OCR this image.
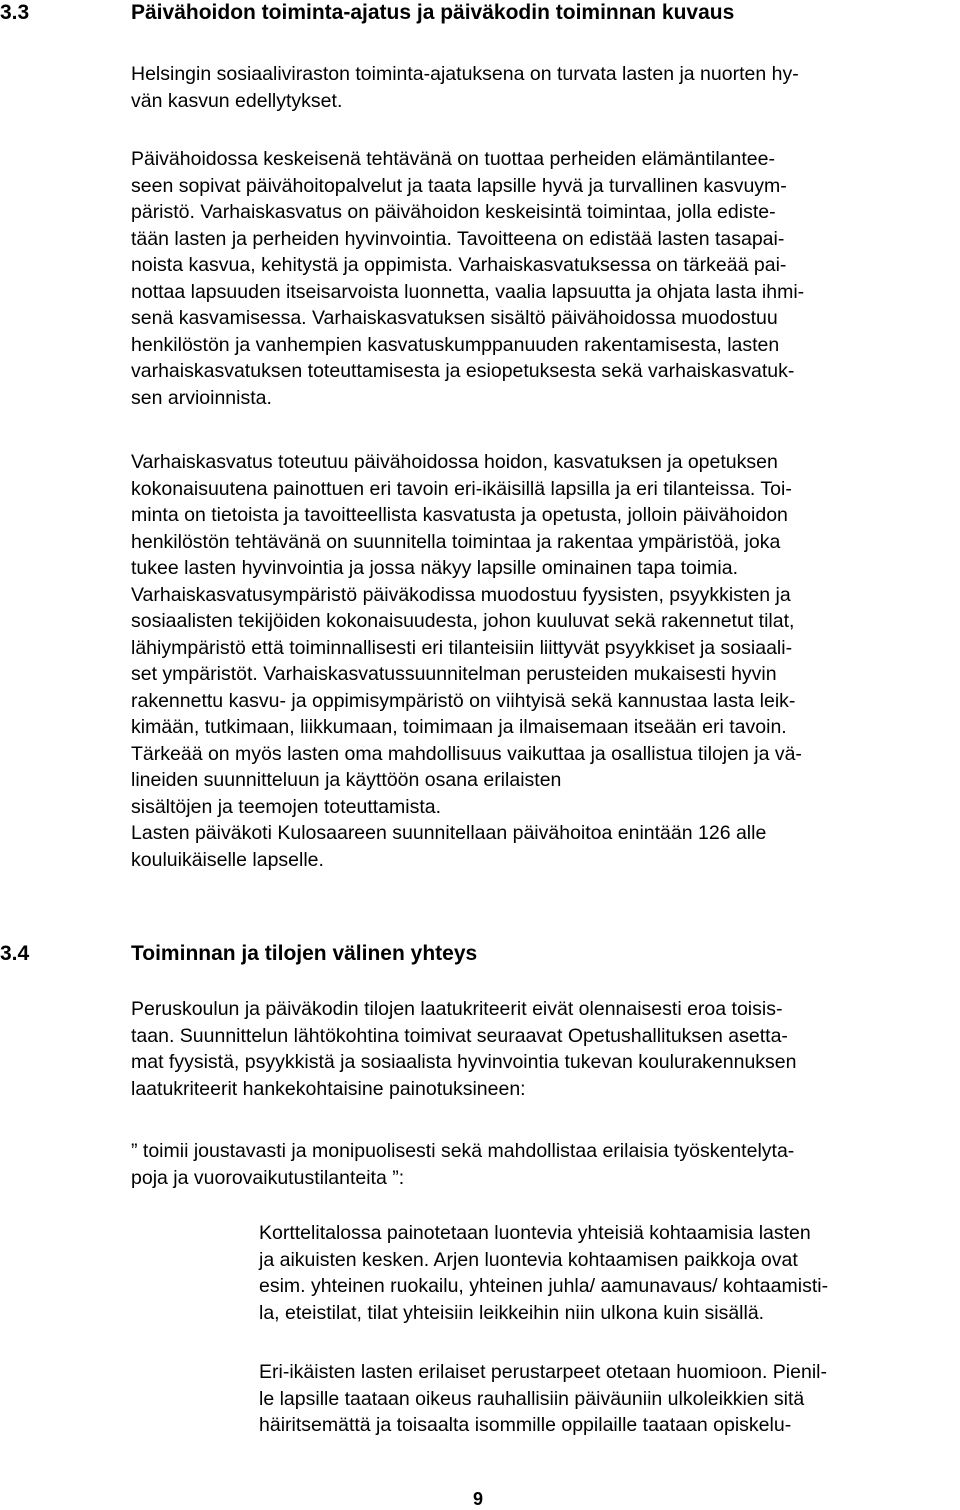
3.3	Päivähoidon toiminta-ajatus ja päiväkodin toiminnan kuvaus
Helsingin sosiaaliviraston toiminta-ajatuksena on turvata lasten ja nuorten hy-
vän kasvun edellytykset.
Päivähoidossa keskeisenä tehtävänä on tuottaa perheiden elämäntilantee-
seen sopivat päivähoitopalvelut ja taata lapsille hyvä ja turvallinen kasvuym-
päristö. Varhaiskasvatus on päivähoidon keskeisintä toimintaa, jolla ediste-
tään lasten ja perheiden hyvinvointia. Tavoitteena on edistää lasten tasapai-
noista kasvua, kehitystä ja oppimista. Varhaiskasvatuksessa on tärkeää pai-
nottaa lapsuuden itseisarvoista luonnetta, vaalia lapsuutta ja ohjata lasta ihmi-
senä kasvamisessa. Varhaiskasvatuksen sisältö päivähoidossa muodostuu
henkilöstön ja vanhempien kasvatuskumppanuuden rakentamisesta, lasten
varhaiskasvatuksen toteuttamisesta ja esiopetuksesta sekä varhaiskasvatuk-
sen arvioinnista.
Varhaiskasvatus toteutuu päivähoidossa hoidon, kasvatuksen ja opetuksen
kokonaisuutena painottuen eri tavoin eri-ikäisillä lapsilla ja eri tilanteissa. Toi-
minta on tietoista ja tavoitteellista kasvatusta ja opetusta, jolloin päivähoidon
henkilöstön tehtävänä on suunnitella toimintaa ja rakentaa ympäristöä, joka
tukee lasten hyvinvointia ja jossa näkyy lapsille ominainen tapa toimia.
Varhaiskasvatusympäristö päiväkodissa muodostuu fyysisten, psyykkisten ja
sosiaalisten tekijöiden kokonaisuudesta, johon kuuluvat sekä rakennetut tilat,
lähiympäristö että toiminnallisesti eri tilanteisiin liittyvät psyykkiset ja sosiaali-
set ympäristöt. Varhaiskasvatussuunnitelman perusteiden mukaisesti hyvin
rakennettu kasvu- ja oppimisympäristö on viihtyisä sekä kannustaa lasta leik-
kimään, tutkimaan, liikkumaan, toimimaan ja ilmaisemaan itseään eri tavoin.
Tärkeää on myös lasten oma mahdollisuus vaikuttaa ja osallistua tilojen ja vä-
lineiden suunnitteluun ja käyttöön osana erilaisten
sisältöjen ja teemojen toteuttamista.
Lasten päiväkoti Kulosaareen suunnitellaan päivähoitoa enintään 126 alle
kouluikäiselle lapselle.
3.4	Toiminnan ja tilojen välinen yhteys
Peruskoulun ja päiväkodin tilojen laatukriteerit eivät olennaisesti eroa toisis-
taan. Suunnittelun lähtökohtina toimivat seuraavat Opetushallituksen asetta-
mat fyysistä, psyykkistä ja sosiaalista hyvinvointia tukevan koulurakennuksen
laatukriteerit hankekohtaisine painotuksineen:
” toimii joustavasti ja monipuolisesti sekä mahdollistaa erilaisia työskentelyta-
poja ja vuorovaikutustilanteita ”:
Korttelitalossa painotetaan luontevia yhteisiä kohtaamisia lasten
ja aikuisten kesken. Arjen luontevia kohtaamisen paikkoja ovat
esim. yhteinen ruokailu, yhteinen juhla/ aamunavaus/ kohtaamisti-
la, eteistilat, tilat yhteisiin leikkeihin niin ulkona kuin sisällä.
Eri-ikäisten lasten erilaiset perustarpeet otetaan huomioon. Pienil-
le lapsille taataan oikeus rauhallisiin päiväuniin ulkoleikkien sitä
häiritsemättä ja toisaalta isommille oppilaille taataan opiskelu-
9
